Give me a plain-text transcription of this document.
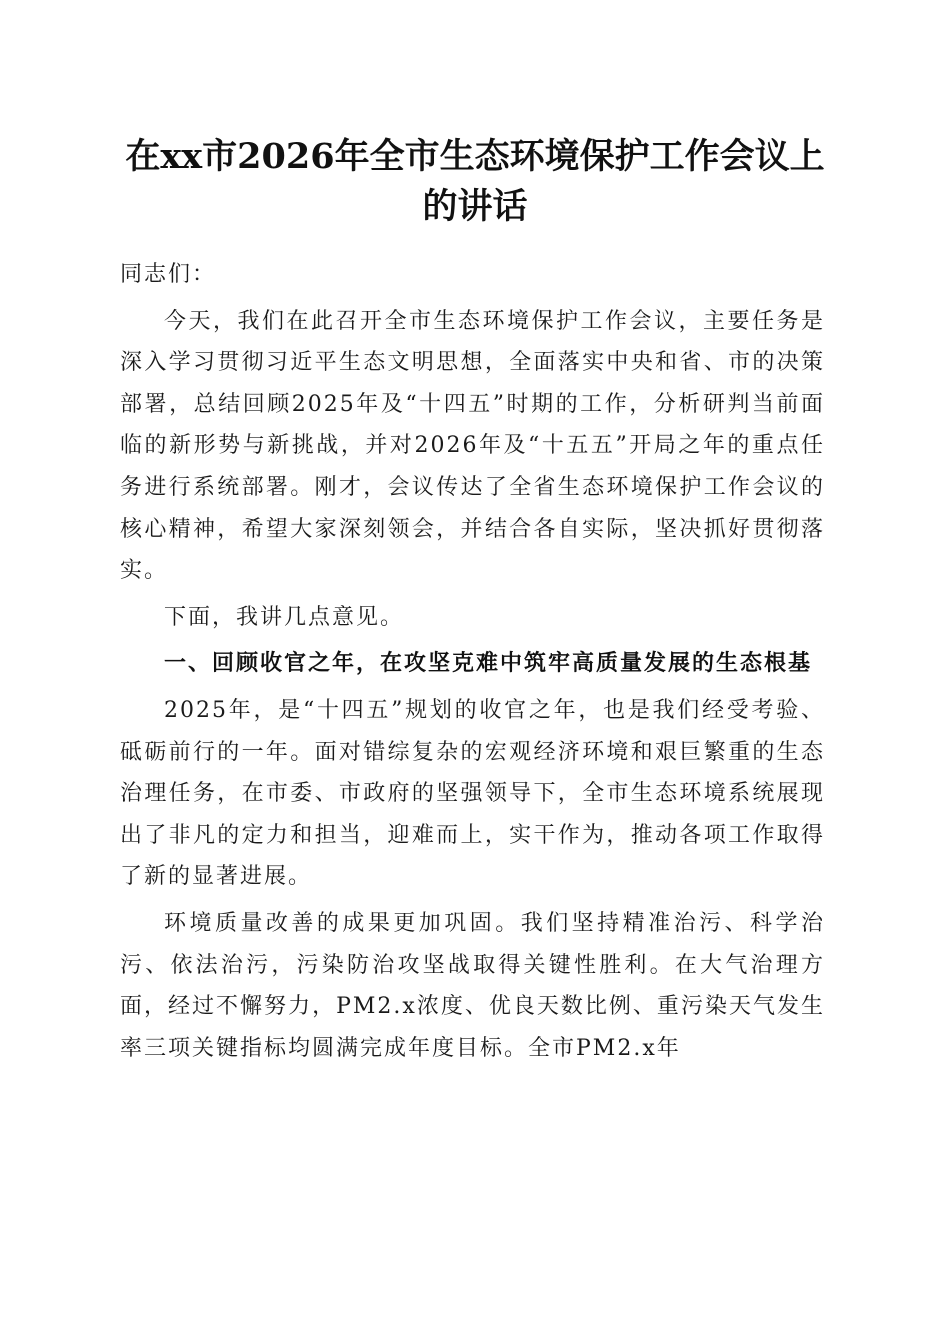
在xx市2026年全市生态环境保护工作会议上的讲话

同志们：

今天，我们在此召开全市生态环境保护工作会议，主要任务是深入学习贯彻习近平生态文明思想，全面落实中央和省、市的决策部署，总结回顾2025年及“十四五”时期的工作，分析研判当前面临的新形势与新挑战，并对2026年及“十五五”开局之年的重点任务进行系统部署。刚才，会议传达了全省生态环境保护工作会议的核心精神，希望大家深刻领会，并结合各自实际，坚决抓好贯彻落实。

下面，我讲几点意见。

一、回顾收官之年，在攻坚克难中筑牢高质量发展的生态根基

2025年，是“十四五”规划的收官之年，也是我们经受考验、砥砺前行的一年。面对错综复杂的宏观经济环境和艰巨繁重的生态治理任务，在市委、市政府的坚强领导下，全市生态环境系统展现出了非凡的定力和担当，迎难而上，实干作为，推动各项工作取得了新的显著进展。

环境质量改善的成果更加巩固。我们坚持精准治污、科学治污、依法治污，污染防治攻坚战取得关键性胜利。在大气治理方面，经过不懈努力，PM2.x浓度、优良天数比例、重污染天气发生率三项关键指标均圆满完成年度目标。全市PM2.x年
